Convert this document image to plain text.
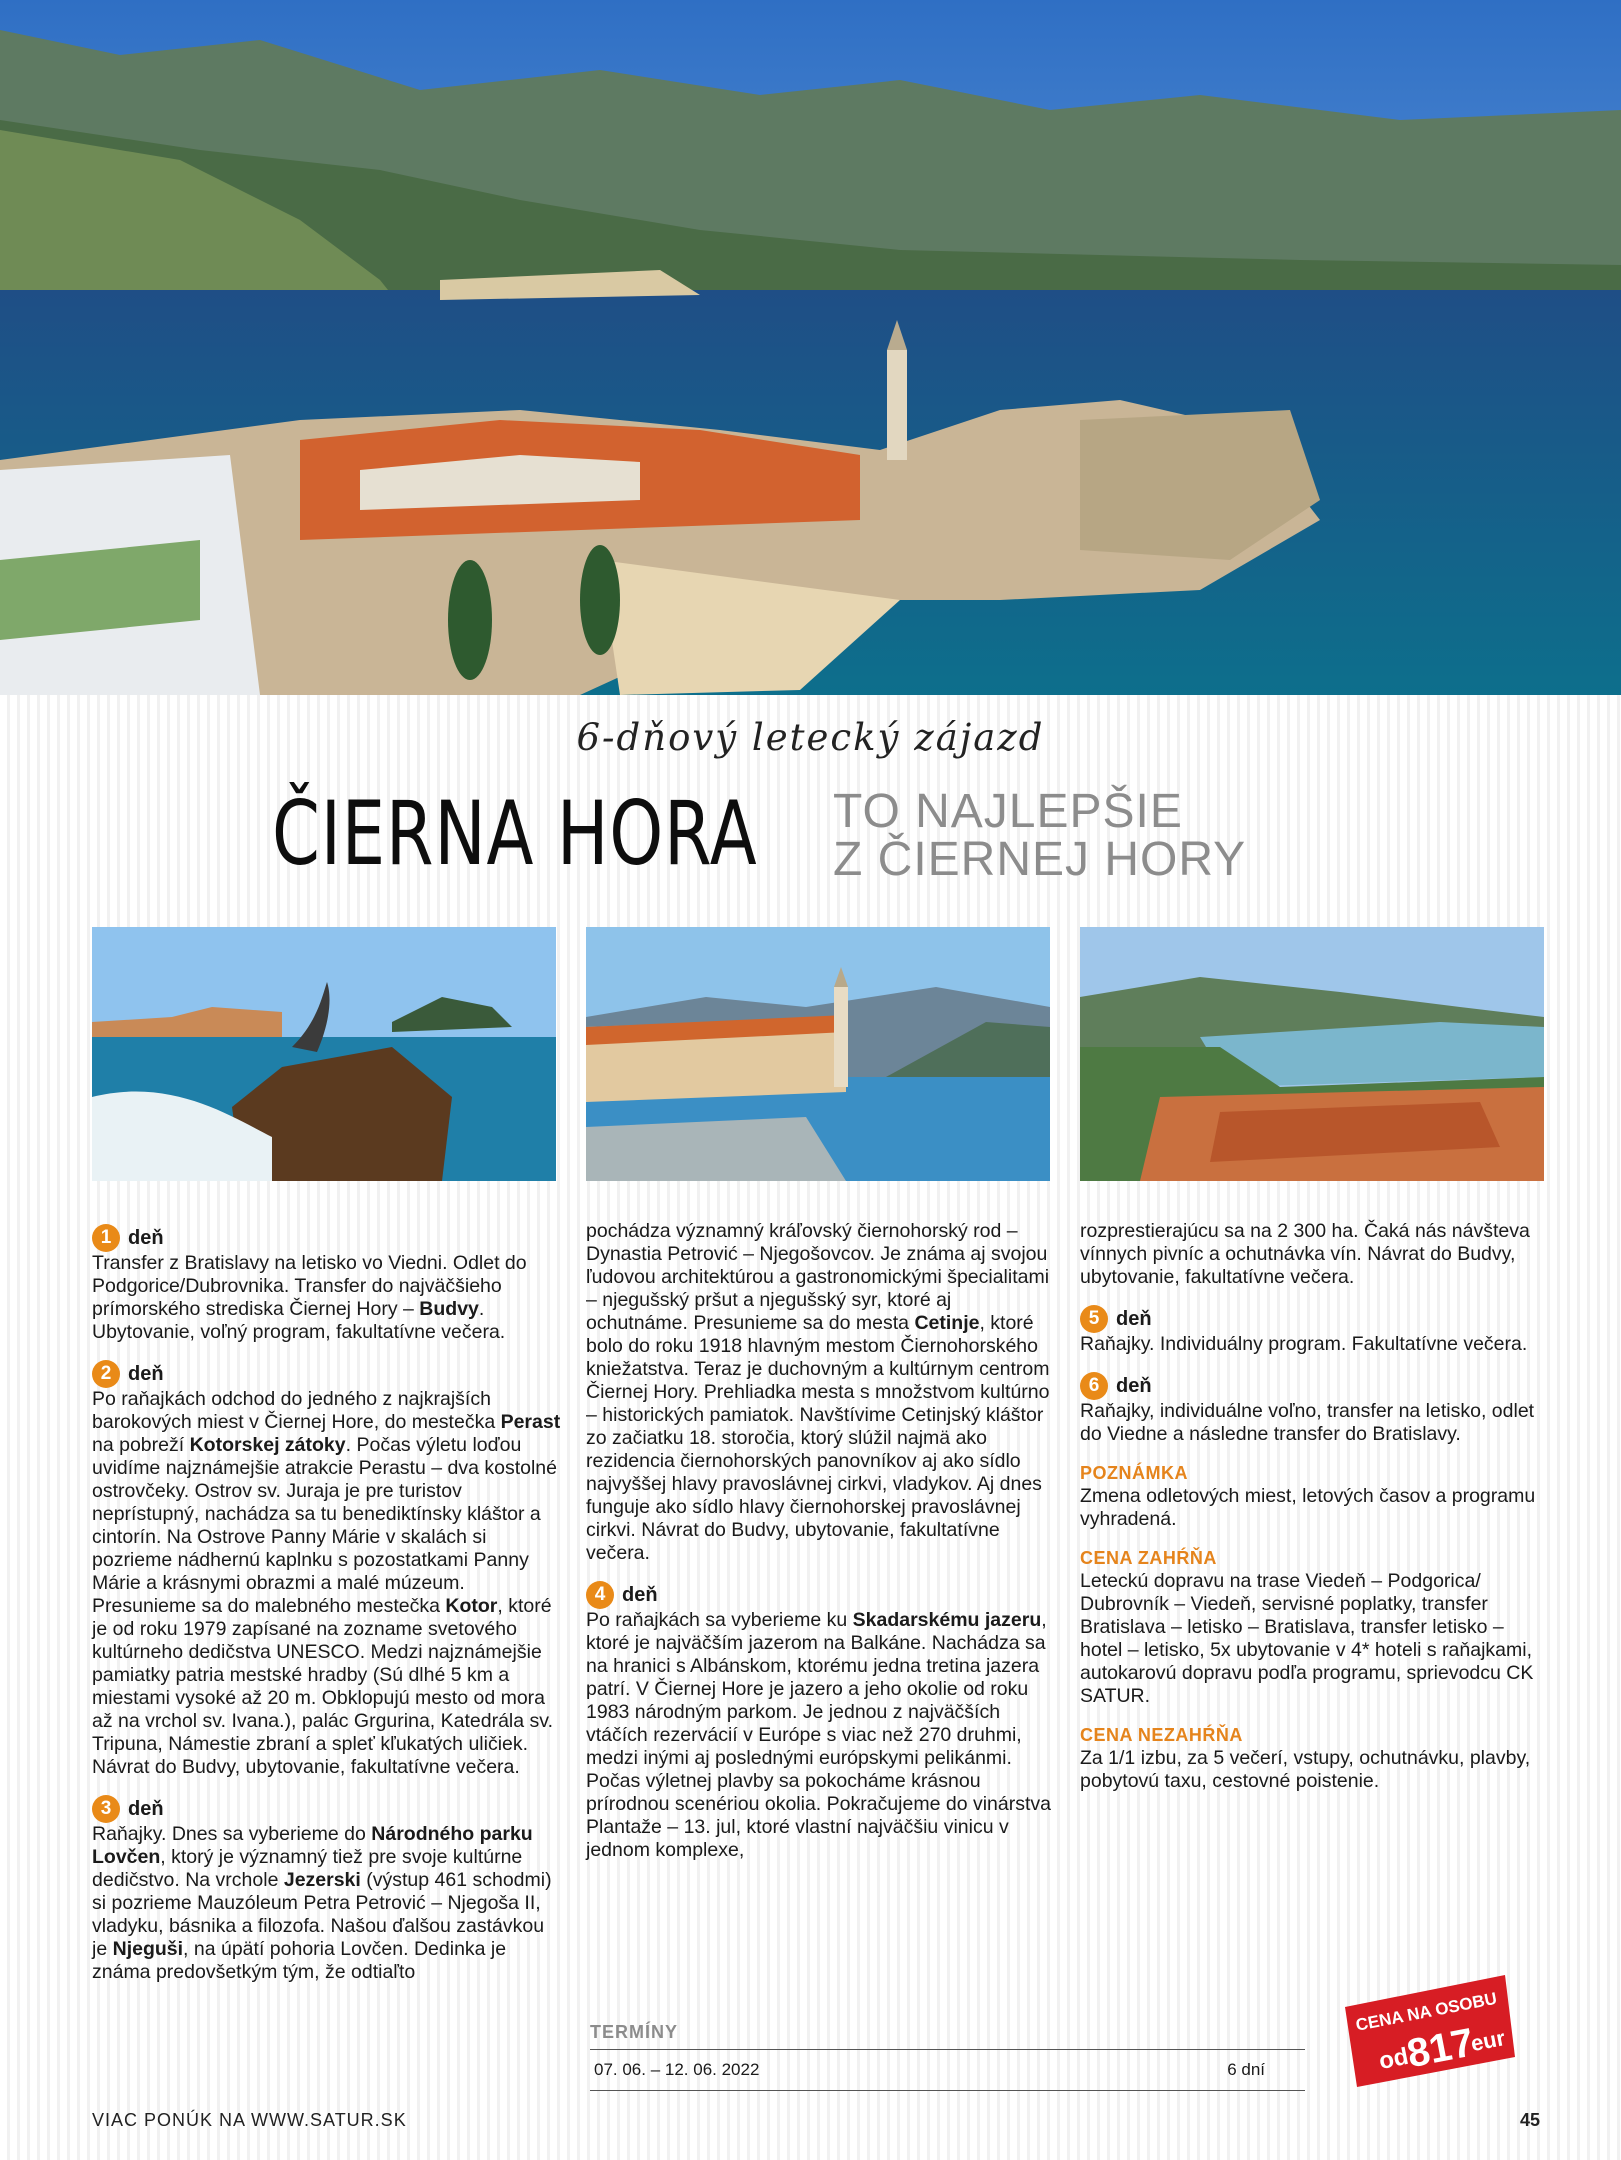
6-dňový letecký zájazd
ČIERNA HORA TO NAJLEPŠIE
Z ČIERNEJ HORY
1 deň

Transfer z Bratislavy na letisko vo Viedni. Odlet do Podgorice/Dubrovnika. Transfer do najväčšieho prímorského strediska Čiernej Hory – Budvy. Ubytovanie, voľný program, fakultatívne večera.

2 deň

Po raňajkách odchod do jedného z najkrajších barokových miest v Čiernej Hore, do mestečka Perast na pobreží Kotorskej zátoky. Počas výletu loďou uvidíme najznámejšie atrakcie Perastu – dva kostolné ostrovčeky. Ostrov sv. Juraja je pre turistov neprístupný, nachádza sa tu benediktínsky kláštor a cintorín. Na Ostrove Panny Márie v skalách si pozrieme nádhernú kaplnku s pozostatkami Panny Márie a krásnymi obrazmi a malé múzeum. Presunieme sa do malebného mestečka Kotor, ktoré je od roku 1979 zapísané na zozname svetového kultúrneho dedičstva UNESCO. Medzi najznámejšie pamiatky patria mestské hradby (Sú dlhé 5 km a miestami vysoké až 20 m. Obklopujú mesto od mora až na vrchol sv. Ivana.), palác Grgurina, Katedrála sv. Tripuna, Námestie zbraní a spleť kľukatých uličiek. Návrat do Budvy, ubytovanie, fakultatívne večera.

3 deň

Raňajky. Dnes sa vyberieme do Národného parku Lovčen, ktorý je významný tiež pre svoje kultúrne dedičstvo. Na vrchole Jezerski (výstup 461 schodmi) si pozrieme Mauzóleum Petra Petrović – Njegoša II, vladyku, básnika a filozofa. Našou ďalšou zastávkou je Njeguši, na úpätí pohoria Lovčen. Dedinka je známa predovšetkým tým, že odtiaľto

pochádza významný kráľovský čiernohorský rod – Dynastia Petrović – Njegošovcov. Je známa aj svojou ľudovou architektúrou a gastronomickými špecialitami – njegušský pršut a njegušský syr, ktoré aj ochutnáme. Presunieme sa do mesta Cetinje, ktoré bolo do roku 1918 hlavným mestom Čiernohorského kniežatstva. Teraz je duchovným a kultúrnym centrom Čiernej Hory. Prehliadka mesta s množstvom kultúrno – historických pamiatok. Navštívime Cetinjský kláštor zo začiatku 18. storočia, ktorý slúžil najmä ako rezidencia čiernohorských panovníkov aj ako sídlo najvyššej hlavy pravoslávnej cirkvi, vladykov. Aj dnes funguje ako sídlo hlavy čiernohorskej pravoslávnej cirkvi. Návrat do Budvy, ubytovanie, fakultatívne večera.

4 deň

Po raňajkách sa vyberieme ku Skadarskému jazeru, ktoré je najväčším jazerom na Balkáne. Nachádza sa na hranici s Albánskom, ktorému jedna tretina jazera patrí. V Čiernej Hore je jazero a jeho okolie od roku 1983 národným parkom. Je jednou z najväčších vtáčích rezervácií v Európe s viac než 270 druhmi, medzi inými aj poslednými európskymi pelikánmi. Počas výletnej plavby sa pokocháme krásnou prírodnou scenériou okolia. Pokračujeme do vinárstva Plantaže – 13. jul, ktoré vlastní najväčšiu vinicu v jednom komplexe,

rozprestierajúcu sa na 2 300 ha. Čaká nás návšteva vínnych pivníc a ochutnávka vín. Návrat do Budvy, ubytovanie, fakultatívne večera.

5 deň

Raňajky. Individuálny program. Fakultatívne večera.

6 deň

Raňajky, individuálne voľno, transfer na letisko, odlet do Viedne a následne transfer do Bratislavy.

POZNÁMKA

Zmena odletových miest, letových časov a programu vyhradená.

CENA ZAHŔŇA

Leteckú dopravu na trase Viedeň – Podgorica/ Dubrovník – Viedeň, servisné poplatky, transfer Bratislava – letisko – Bratislava, transfer letisko – hotel – letisko, 5x ubytovanie v 4* hoteli s raňajkami, autokarovú dopravu podľa programu, sprievodcu CK SATUR.

CENA NEZAHŔŇA

Za 1/1 izbu, za 5 večerí, vstupy, ochutnávku, plavby, pobytovú taxu, cestovné poistenie.

TERMÍNY
07. 06. – 12. 06. 2022	6 dní
CENA NA OSOBU
od
817
eur
VIAC PONÚK NA WWW.SATUR.SK	45
